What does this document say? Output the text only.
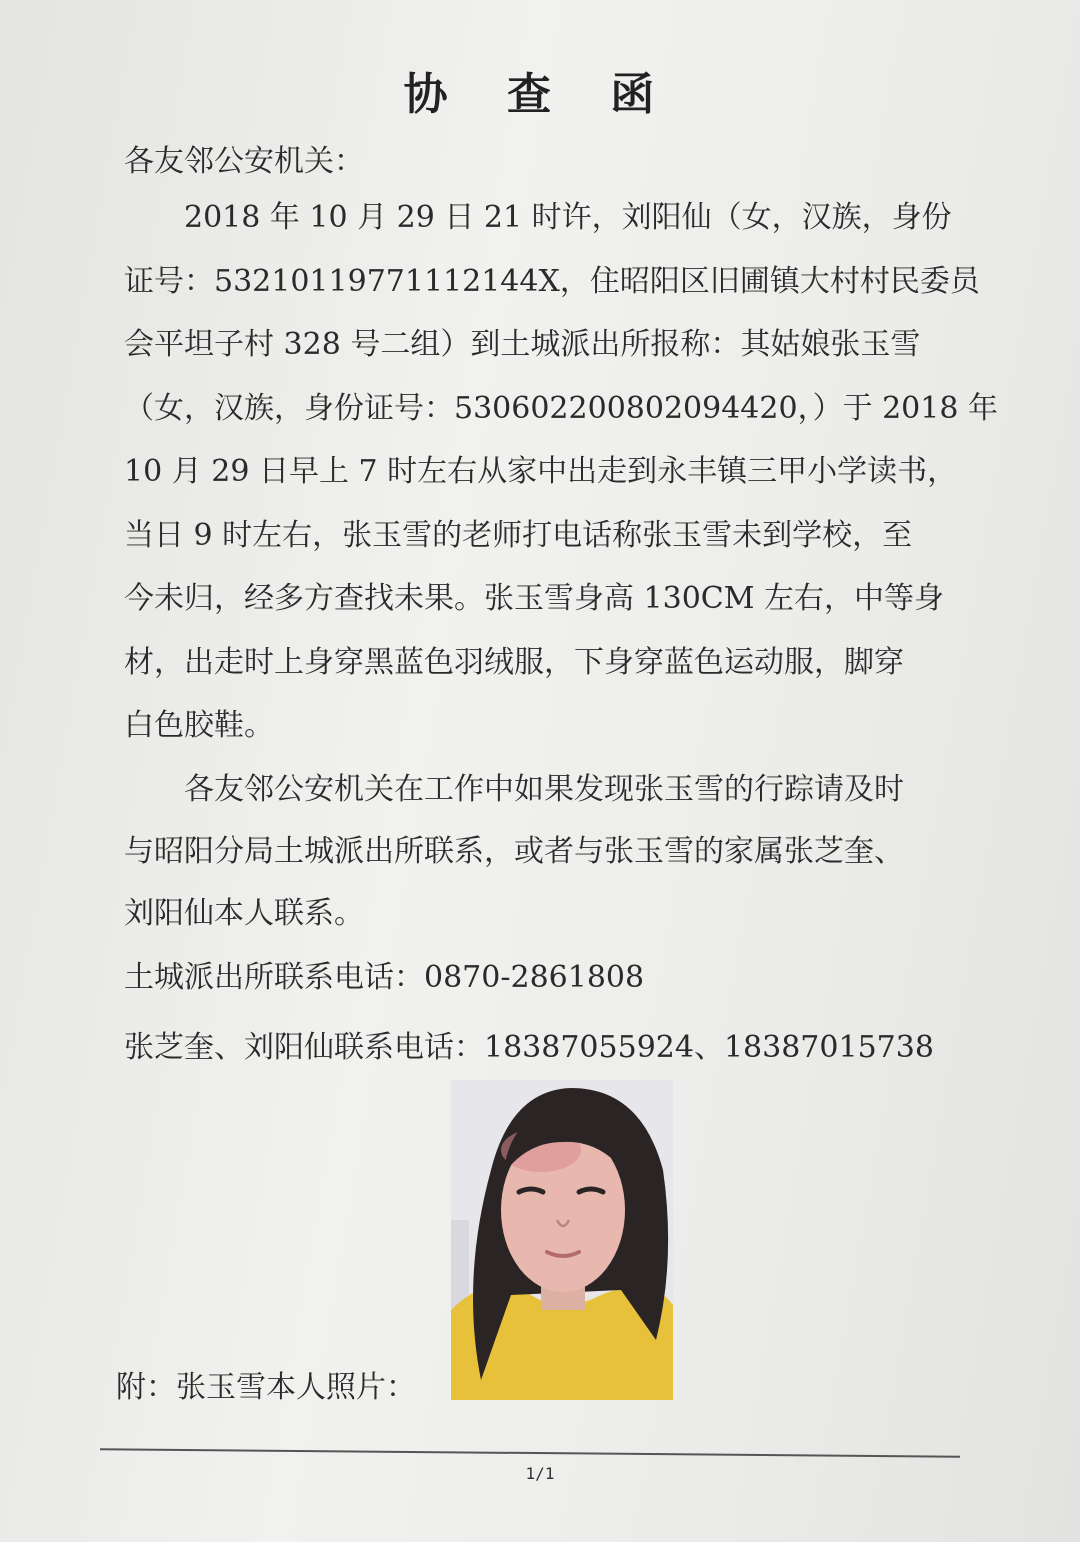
协 查 函
各友邻公安机关：
　　2018 年 10 月 29 日 21 时许，刘阳仙（女，汉族，身份
证号：53210119771112144X，住昭阳区旧圃镇大村村民委员
会平坦子村 328 号二组）到土城派出所报称：其姑娘张玉雪
（女，汉族，身份证号：530602200802094420，）于 2018 年
10 月 29 日早上 7 时左右从家中出走到永丰镇三甲小学读书，
当日 9 时左右，张玉雪的老师打电话称张玉雪未到学校，至
今未归，经多方查找未果。张玉雪身高 130CM 左右，中等身
材，出走时上身穿黑蓝色羽绒服，下身穿蓝色运动服，脚穿
白色胶鞋。
　　各友邻公安机关在工作中如果发现张玉雪的行踪请及时
与昭阳分局土城派出所联系，或者与张玉雪的家属张芝奎、
刘阳仙本人联系。
土城派出所联系电话：0870-2861808
张芝奎、刘阳仙联系电话：18387055924、18387015738
附：张玉雪本人照片：
1/1
